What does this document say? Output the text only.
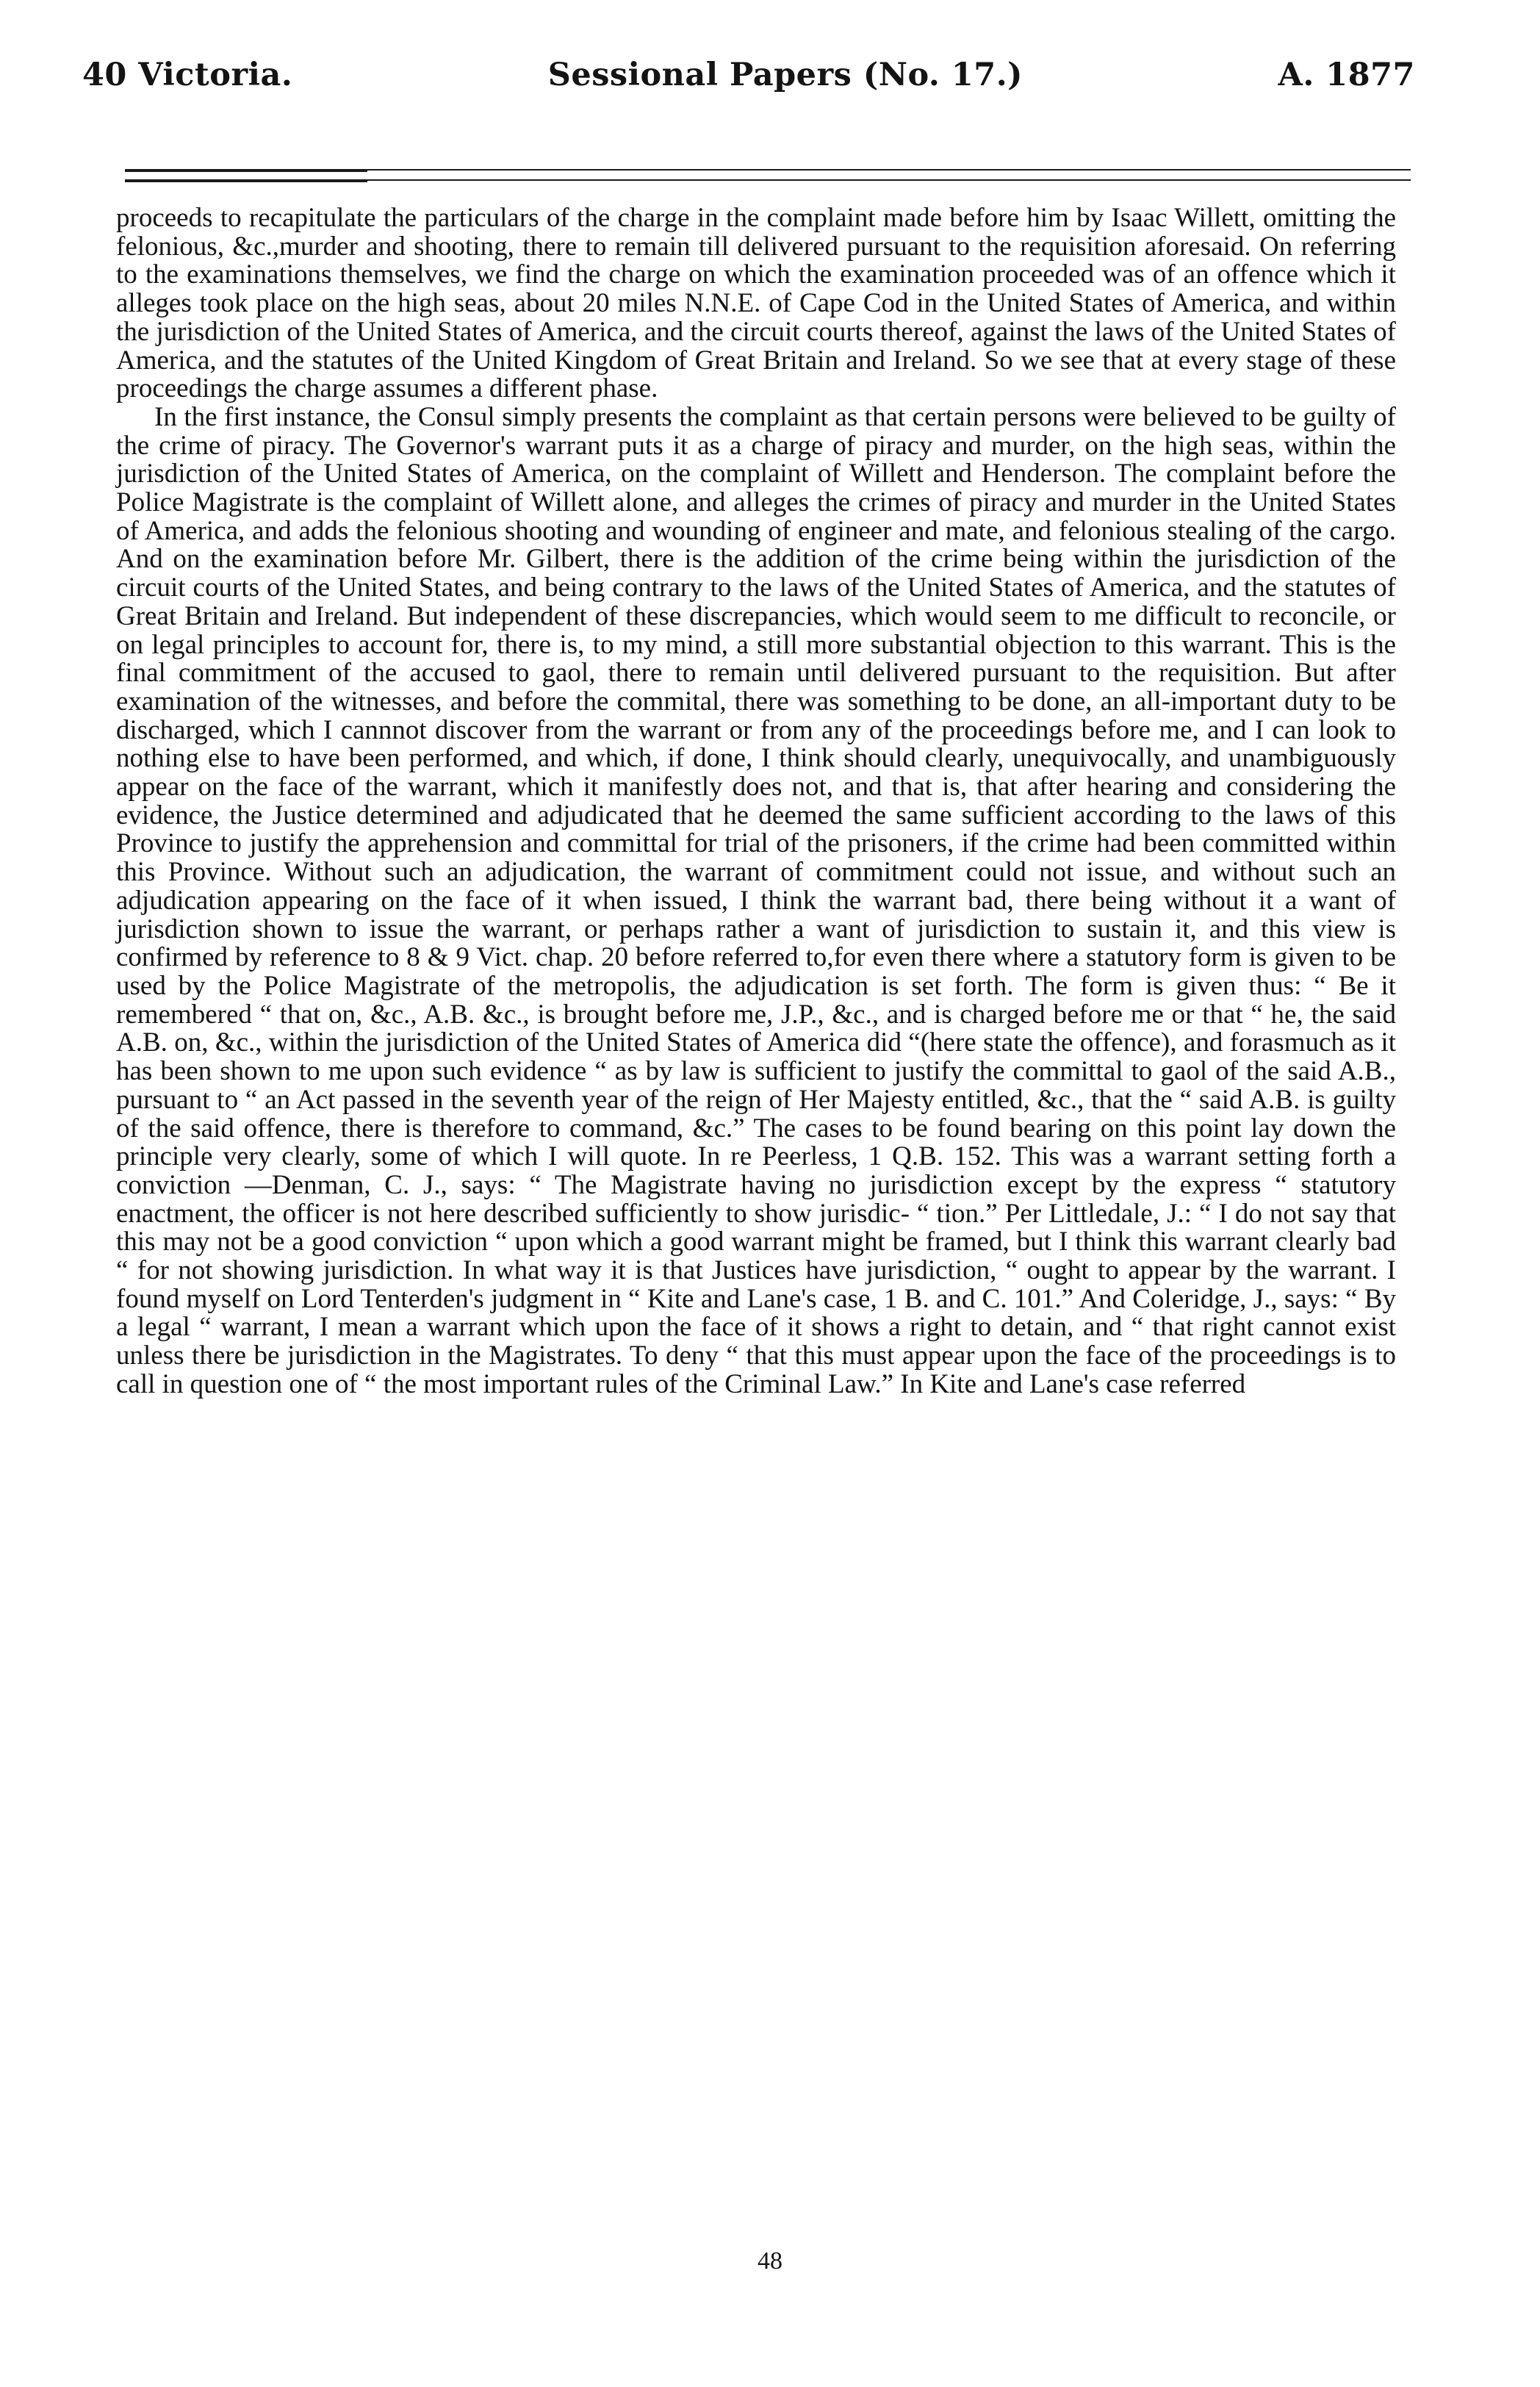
40 Victoria.	Sessional Papers (No. 17.)	A. 1877

proceeds to recapitulate the particulars of the charge in the complaint made before him by Isaac Willett, omitting the felonious, &c.,murder and shooting, there to remain till delivered pursuant to the requisition aforesaid. On referring to the examinations themselves, we find the charge on which the examination proceeded was of an offence which it alleges took place on the high seas, about 20 miles N.N.E. of Cape Cod in the United States of America, and within the jurisdiction of the United States of America, and the circuit courts thereof, against the laws of the United States of America, and the statutes of the United Kingdom of Great Britain and Ireland. So we see that at every stage of these proceedings the charge assumes a different phase.

In the first instance, the Consul simply presents the complaint as that certain persons were believed to be guilty of the crime of piracy. The Governor's warrant puts it as a charge of piracy and murder, on the high seas, within the jurisdiction of the United States of America, on the complaint of Willett and Henderson. The complaint before the Police Magistrate is the complaint of Willett alone, and alleges the crimes of piracy and murder in the United States of America, and adds the felonious shooting and wounding of engineer and mate, and felonious stealing of the cargo. And on the examination before Mr. Gilbert, there is the addition of the crime being within the jurisdiction of the circuit courts of the United States, and being contrary to the laws of the United States of America, and the statutes of Great Britain and Ireland. But independent of these discrepancies, which would seem to me difficult to reconcile, or on legal principles to account for, there is, to my mind, a still more substantial objection to this warrant. This is the final commitment of the accused to gaol, there to remain until delivered pursuant to the requisition. But after examination of the witnesses, and before the commital, there was something to be done, an all-important duty to be discharged, which I cannnot discover from the warrant or from any of the proceedings before me, and I can look to nothing else to have been performed, and which, if done, I think should clearly, unequivocally, and unambiguously appear on the face of the warrant, which it manifestly does not, and that is, that after hearing and considering the evidence, the Justice determined and adjudicated that he deemed the same sufficient according to the laws of this Province to justify the apprehension and committal for trial of the prisoners, if the crime had been committed within this Province. Without such an adjudication, the warrant of commitment could not issue, and without such an adjudication appearing on the face of it when issued, I think the warrant bad, there being without it a want of jurisdiction shown to issue the warrant, or perhaps rather a want of jurisdiction to sustain it, and this view is confirmed by reference to 8 & 9 Vict. chap. 20 before referred to,for even there where a statutory form is given to be used by the Police Magistrate of the metropolis, the adjudication is set forth. The form is given thus: “ Be it remembered “ that on, &c., A.B. &c., is brought before me, J.P., &c., and is charged before me or that “ he, the said A.B. on, &c., within the jurisdiction of the United States of America did “(here state the offence), and forasmuch as it has been shown to me upon such evidence “ as by law is sufficient to justify the committal to gaol of the said A.B., pursuant to “ an Act passed in the seventh year of the reign of Her Majesty entitled, &c., that the “ said A.B. is guilty of the said offence, there is therefore to command, &c.” The cases to be found bearing on this point lay down the principle very clearly, some of which I will quote. In re Peerless, 1 Q.B. 152. This was a warrant setting forth a conviction —Denman, C. J., says: “ The Magistrate having no jurisdiction except by the express “ statutory enactment, the officer is not here described sufficiently to show jurisdic- “ tion.” Per Littledale, J.: “ I do not say that this may not be a good conviction “ upon which a good warrant might be framed, but I think this warrant clearly bad “ for not showing jurisdiction. In what way it is that Justices have jurisdiction, “ ought to appear by the warrant. I found myself on Lord Tenterden's judgment in “ Kite and Lane's case, 1 B. and C. 101.” And Coleridge, J., says: “ By a legal “ warrant, I mean a warrant which upon the face of it shows a right to detain, and “ that right cannot exist unless there be jurisdiction in the Magistrates. To deny “ that this must appear upon the face of the proceedings is to call in question one of “ the most important rules of the Criminal Law.” In Kite and Lane's case referred

48
